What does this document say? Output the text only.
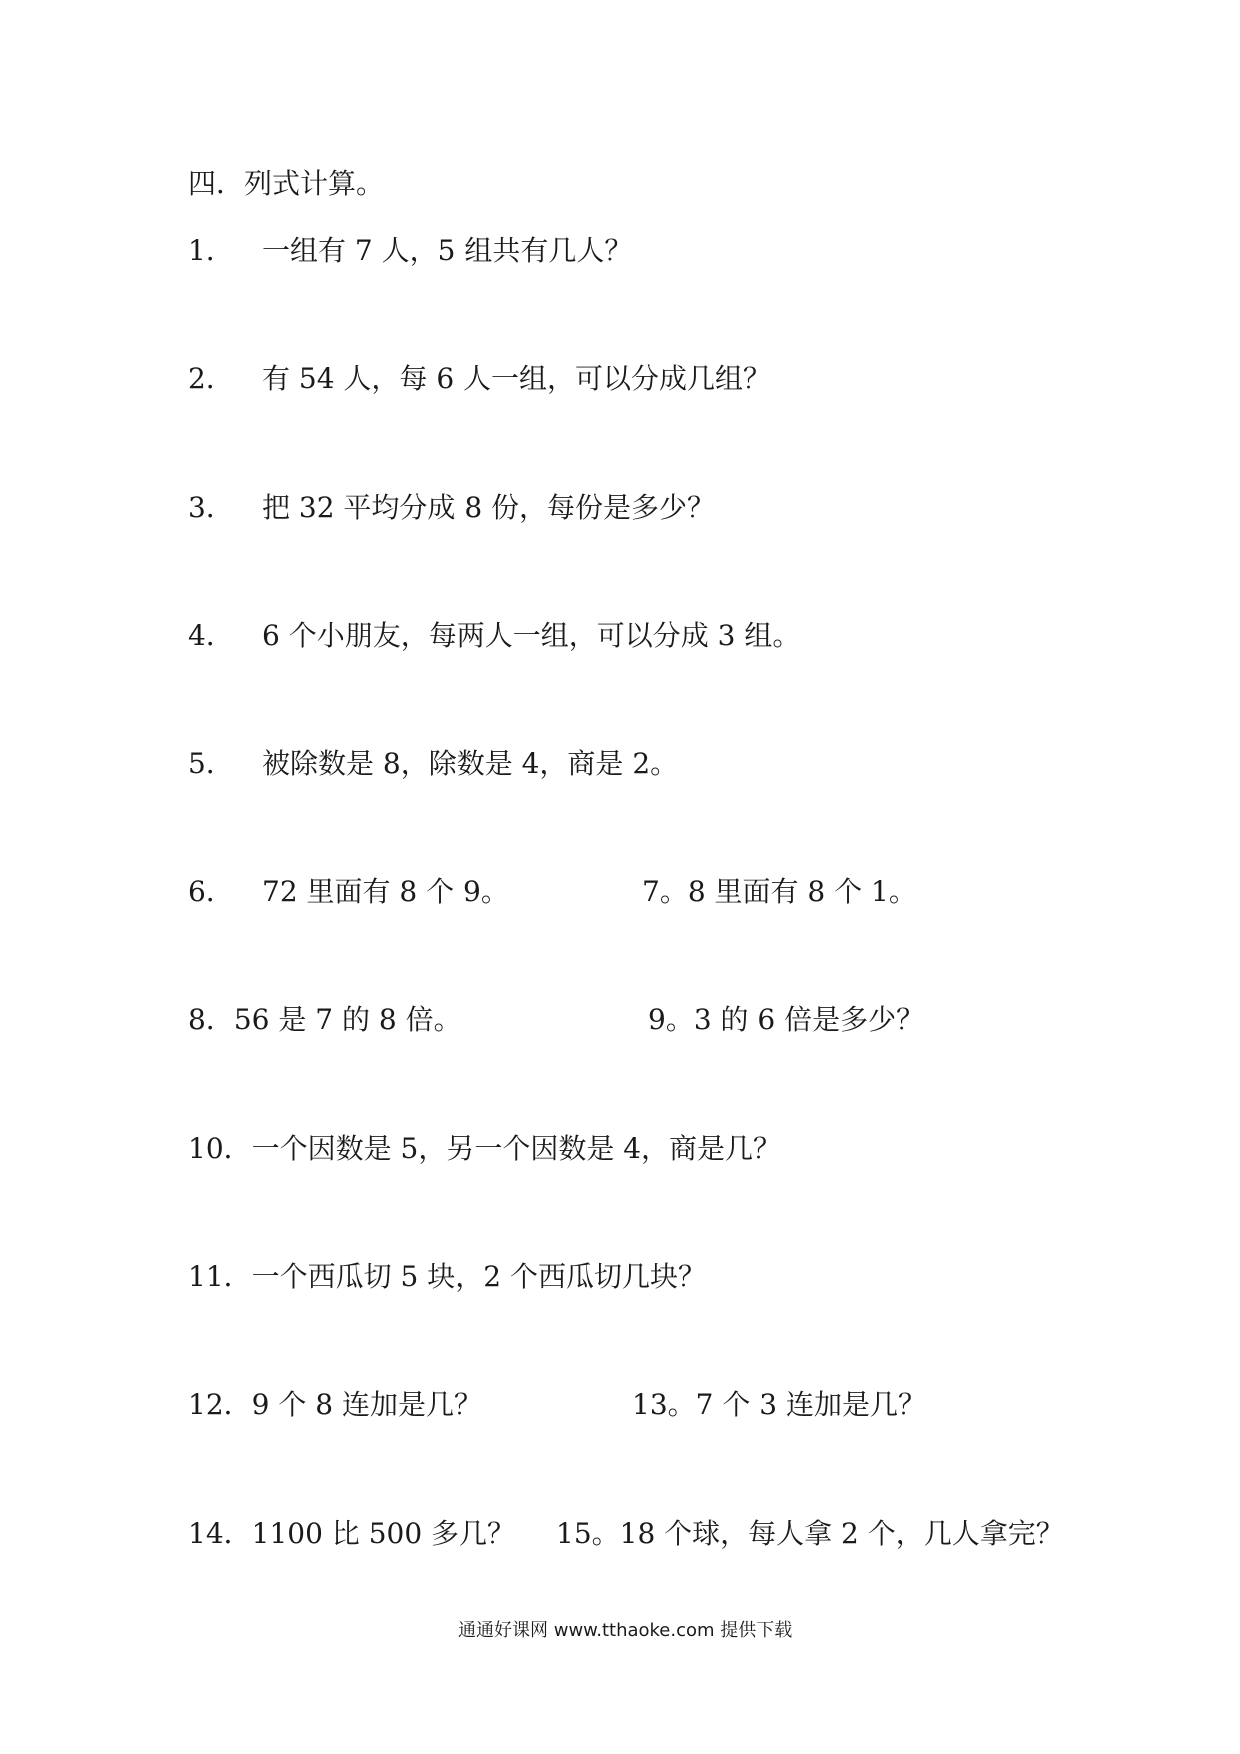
四．列式计算。
1． 一组有 7 人，5 组共有几人？
2． 有 54 人，每 6 人一组，可以分成几组？
3． 把 32 平均分成 8 份，每份是多少？
4． 6 个小朋友，每两人一组，可以分成 3 组。
5． 被除数是 8，除数是 4，商是 2。
6． 72 里面有 8 个 9。	7。8 里面有 8 个 1。
8．56 是 7 的 8 倍。	9。3 的 6 倍是多少？
10．一个因数是 5，另一个因数是 4，商是几？
11．一个西瓜切 5 块，2 个西瓜切几块？
12．9 个 8 连加是几？	13。7 个 3 连加是几？
14．1100 比 500 多几？ 15。18 个球，每人拿 2 个，几人拿完？
通通好课网 www.tthaoke.com 提供下载
